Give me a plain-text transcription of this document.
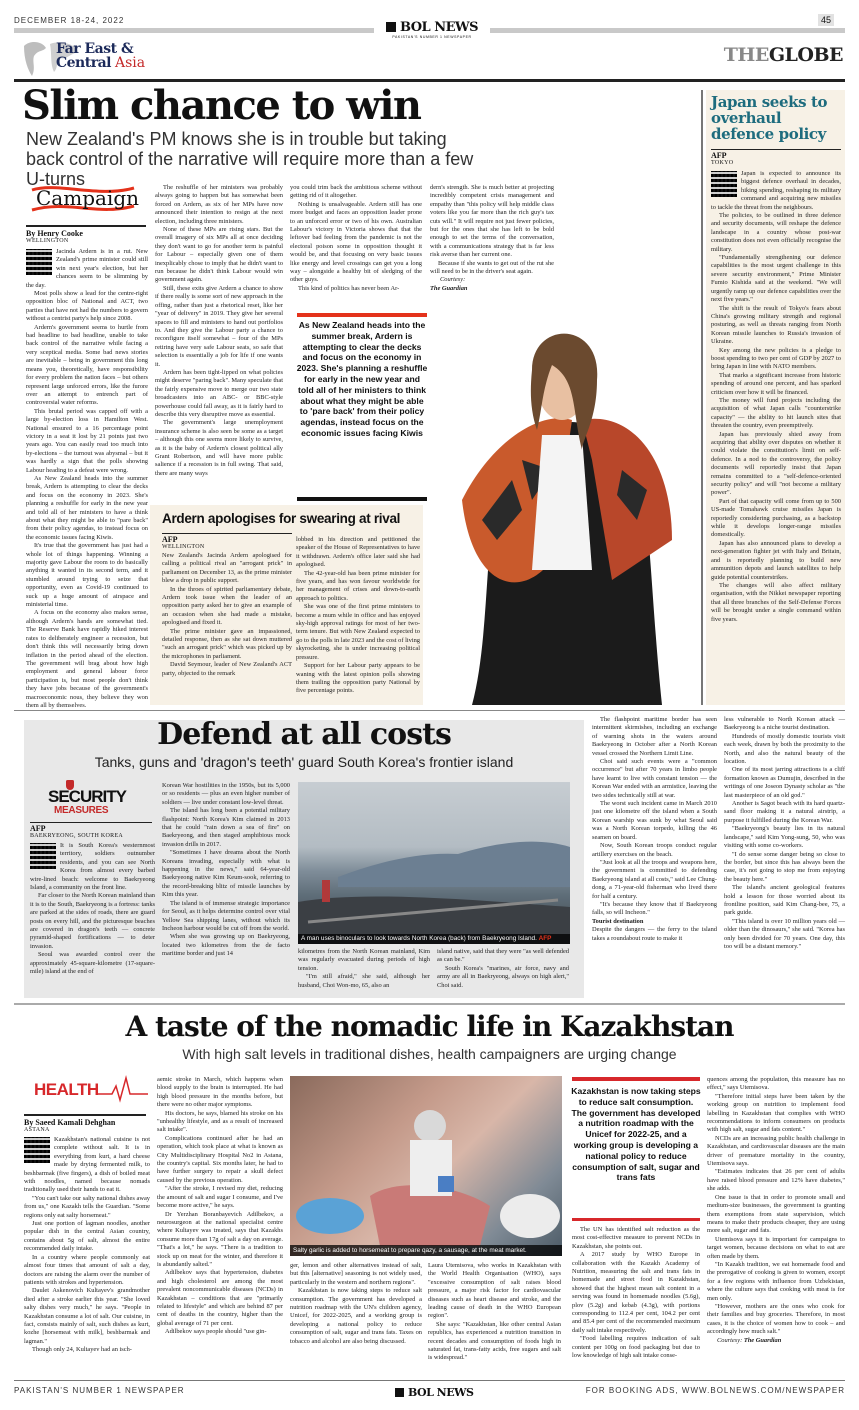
DECEMBER 18-24, 2022	BOL NEWS
PAKISTAN'S NUMBER 1 NEWSPAPER
45
Far East &
Central Asia	THEGLOBE
Slim chance to win
New Zealand's PM knows she is in trouble but taking back control of the narrative will require more than a few U-turns
Campaign
By Henry Cooke
WELLINGTON

Jacinda Ardern is in a rut. New Zealand's prime minister could still win next year's election, but her chances seem to be slimming by the day.

Most polls show a lead for the centre-right opposition bloc of National and ACT, two parties that have not had the numbers to govern without a centrist party's help since 2008.

Ardern's government seems to hurtle from bad headline to bad headline, unable to take back control of the narrative while facing a very sceptical media. Some bad news stories are inevitable – being in government this long means you, theoretically, have responsibility for every problem the nation faces – but others represent large unforced errors, like the furore over an attempt to entrench part of controversial water reforms.

This brutal period was capped off with a large by-election loss in Hamilton West. National ensured to a 16 percentage point victory in a seat it lost by 21 points just two years ago. You can easily read too much into by-elections – the turnout was abysmal – but it was hardly a sign that the polls showing Labour heading to a defeat were wrong.

As New Zealand heads into the summer break, Ardern is attempting to clear the decks and focus on the economy in 2023. She's planning a reshuffle for early in the new year and told all of her ministers to have a think about what they might be able to "pare back" from their policy agendas, to instead focus on the economic issues facing Kiwis.

It's true that the government has just had a whole lot of things happening. Winning a majority gave Labour the room to do basically anything it wanted in its second term, and it stumbled around trying to seize that opportunity, even as Covid-19 continued to suck up a huge amount of airspace and ministerial time.

A focus on the economy also makes sense, although Ardern's hands are somewhat tied. The Reserve Bank have rapidly hiked interest rates to deliberately engineer a recession, but don't think this will necessarily bring down inflation in the period ahead of the election. The government will brag about how high employment and general labour force participation is, but most people don't think they have jobs because of the government's macroeconomic nous, they believe they won them all by themselves.

The reshuffle of her ministers was probably always going to happen but has somewhat been forced on Ardern, as six of her MPs have now announced their intention to resign at the next election, including three ministers.

None of these MPs are rising stars. But the overall imagery of six MPs all at once deciding they don't want to go for another term is painful for Labour – especially given one of them inexplicably chose to imply that he didn't want to run because he didn't think Labour would win government again.

Still, these exits give Ardern a chance to show if there really is some sort of new approach in the offing, rather than just a rhetorical reset, like her "year of delivery" in 2019. They give her several spaces to fill and ministers to hand out portfolios to. And they give the Labour party a chance to reconfigure itself somewhat – four of the MPs retiring have very safe Labour seats, so safe that selection is essentially a job for life if one wants it.

Ardern has been tight-lipped on what policies might deserve "paring back". Many speculate that the fairly expensive move to merge our two state broadcasters into an ABC- or BBC-style powerhouse could fall away, as it is fairly hard to describe this very disruptive move as essential.

The government's large unemployment insurance scheme is also seen be some as a target – although this one seems more likely to survive, as it is the baby of Ardern's closest political ally Grant Robertson, and will have more public salience if a recession is in full swing. That said, there are many ways

you could trim back the ambitious scheme without getting rid of it altogether.

Nothing is unsalvageable. Ardern still has one more budget and faces an opposition leader prone to an unforced error or two of his own. Australian Labour's victory in Victoria shows that that the leftover bad feeling from the pandemic is not the electoral poison some in opposition thought it would be, and that focusing on very basic issues like energy and level crossings can get you a long way – alongside a healthy bit of sledging of the other guys.

This kind of politics has never been Ar-

dern's strength. She is much better at projecting incredibly competent crisis management and empathy than "this policy will help middle class voters like you far more than the rich guy's tax cuts will." It will require not just fewer policies, but for the ones that she has left to be bold enough to set the terms of the conversation, with a communications strategy that is far less risk averse than her current one.

Because if she wants to get out of the rut she will need to be in the driver's seat again.

Courtesy:
The Guardian

As New Zealand heads into the summer break, Ardern is attempting to clear the decks and focus on the economy in 2023. She's planning a reshuffle for early in the new year and told all of her ministers to think about what they might be able to 'pare back' from their policy agendas, instead focus on the economic issues facing Kiwis
Ardern apologises for swearing at rival
AFP
WELLINGTON

New Zealand's Jacinda Ardern apologised for calling a political rival an "arrogant prick" in parliament on December 13, as the prime minister blew a drop in public support.

In the throes of spirited parliamentary debate, Ardern took issue when the leader of an opposition party asked her to give an example of an occasion when she had made a mistake, apologised and fixed it.

The prime minister gave an impassioned, detailed response, then as she sat down muttered "such an arrogant prick" which was picked up by the microphones in parliament.

David Seymour, leader of New Zealand's ACT party, objected to the remark

lobbed in his direction and petitioned the speaker of the House of Representatives to have it withdrawn. Ardern's office later said she had apologised.

The 42-year-old has been prime minister for five years, and has won favour worldwide for her management of crises and down-to-earth approach to politics.

She was one of the first prime ministers to become a mum while in office and has enjoyed sky-high approval ratings for most of her two-term tenure. But with New Zealand expected to go to the polls in late 2023 and the cost of living skyrocketing, she is under increasing political pressure.

Support for her Labour party appears to be waning with the latest opinion polls showing them trailing the opposition party National by five percentage points.

Japan seeks to overhaul defence policy
AFP
TOKYO

Japan is expected to announce its biggest defence overhaul in decades, hiking spending, reshaping its military command and acquiring new missiles to tackle the threat from the neighbours.

The policies, to be outlined in three defence and security documents, will reshape the defence landscape in a country whose post-war constitution does not even officially recognise the military.

"Fundamentally strengthening our defence capabilities is the most urgent challenge in this severe security environment," Prime Minister Fumio Kishida said at the weekend. "We will urgently ramp up our defence capabilities over the next five years."

The shift is the result of Tokyo's fears about China's growing military strength and regional posturing, as well as threats ranging from North Korean missile launches to Russia's invasion of Ukraine.

Key among the new policies is a pledge to boost spending to two per cent of GDP by 2027 to bring Japan in line with NATO members.

That marks a significant increase from historic spending of around one percent, and has sparked criticism over how it will be financed.

The money will fund projects including the acquisition of what Japan calls "counterstrike capacity" — the ability to hit launch sites that threaten the country, even preemptively.

Japan has previously shied away from acquiring that ability over disputes on whether it could violate the constitution's limit on self-defence. In a nod to the controversy, the policy documents will reportedly insist that Japan remains committed to a "self-defence-oriented security policy" and will "not become a military power".

Part of that capacity will come from up to 500 US-made Tomahawk cruise missiles Japan is reportedly considering purchasing, as a backstop while it develops longer-range missiles domestically.

Japan has also announced plans to develop a next-generation fighter jet with Italy and Britain, and is reportedly planning to build new ammunition depots and launch satellites to help guide potential counterstrikes.

The changes will also affect military organisation, with the Nikkei newspaper reporting that all three branches of the Self-Defense Forces will be brought under a single command within five years.

Defend at all costs
Tanks, guns and 'dragon's teeth' guard South Korea's frontier island
SECURITY
MEASURES
AFP
BAEKRYEONG, SOUTH KOREA

It is South Korea's westernmost territory, soldiers outnumber residents, and you can see North Korea from almost every barbed wire-lined beach: welcome to Baekryeong Island, a community on the front line.

Far closer to the North Korean mainland than it is to the South, Baekryeong is a fortress: tanks are parked at the sides of roads, there are guard posts on every hill, and the picturesque beaches are covered in dragon's teeth — concrete pyramid-shaped fortifications — to deter invasion.

Seoul was awarded control over the approximately 45-square-kilometre (17-square-mile) island at the end of

Korean War hostilities in the 1950s, but its 5,000 or so residents — plus an even higher number of soldiers — live under constant low-level threat.

The island has long been a potential military flashpoint: North Korea's Kim claimed in 2013 that he could "rain down a sea of fire" on Baekryeong, and then staged amphibious mock invasion drills in 2017.

"Sometimes I have dreams about the North Koreans invading, especially with what is happening in the news," said 64-year-old Baekryeong native Kim Keum-sook, referring to the record-breaking blitz of missile launches by Kim this year.

The island is of immense strategic importance for Seoul, as it helps determine control over vital Yellow Sea shipping lanes, without which its Incheon harbour would be cut off from the world.

When she was growing up on Baekryeong, located two kilometres from the de facto maritime border and just 14

A man uses binoculars to look towards North Korea (back) from Baekryeong Island. AFP

kilometres from the North Korean mainland, Kim was regularly evacuated during periods of high tension.

"I'm still afraid," she said, although her husband, Choi Won-mo, 65, also an

island native, said that they were "as well defended as can be."

South Korea's "marines, air force, navy and army are all in Baekryeong, always on high alert," Choi said.

The flashpoint maritime border has seen intermittent skirmishes, including an exchange of warning shots in the waters around Baekryeong in October after a North Korean vessel crossed the Northern Limit Line.

Choi said such events were a "common occurrence" but after 70 years in limbo people have learnt to live with constant tension — the Korean War ended with an armistice, leaving the two sides technically still at war.

The worst such incident came in March 2010 just one kilometre off the island when a South Korean warship was sunk by what Seoul said was a North Korean torpedo, killing the 46 seamen on board.

Now, South Korean troops conduct regular artillery exercises on the beach.

"Just look at all the troops and weapons here, the government is committed to defending Baekryeong island at all costs," said Lee Chung-dong, a 71-year-old fisherman who lived there for half a century.

"It's because they know that if Baekryeong falls, so will Incheon."

Tourist destination

Despite the dangers — the ferry to the island takes a roundabout route to make it

less vulnerable to North Korean attack — Baekryeong is a niche tourist destination.

Hundreds of mostly domestic tourists visit each week, drawn by both the proximity to the North, and also the natural beauty of the location.

One of its most jarring attractions is a cliff formation known as Dumujin, described in the writings of one Joseon Dynasty scholar as "the last masterpiece of an old god."

Another is Sagot beach with its hard quartz-sand floor making it a natural airstrip, a purpose it fulfilled during the Korean War.

"Baekryeong's beauty lies in its natural landscape," said Kim Yong-sung, 50, who was visiting with some co-workers.

"I do sense some danger being so close to the border, but since this has always been the case, it's not going to stop me from enjoying the beauty here."

The island's ancient geological features hold a lesson for those worried about its frontline position, said Kim Chang-bee, 75, a park guide.

"This island is over 10 million years old — older than the dinosaurs," she said. "Korea has only been divided for 70 years. One day, this too will be a distant memory."

A taste of the nomadic life in Kazakhstan
With high salt levels in traditional dishes, health campaigners are urging change
HEALTH
By Saeed Kamali Dehghan
ASTANA

Kazakhstan's national cuisine is not complete without salt. It is in everything from kurt, a hard cheese made by drying fermented milk, to beshbarmak (five fingers), a dish of boiled meat with noodles, named because nomads traditionally used their hands to eat it.

"You can't take our salty national dishes away from us," one Kazakh tells the Guardian. "Some regions only eat salty horsemeat."

Just one portion of lagman noodles, another popular dish in the central Asian country, contains about 5g of salt, almost the entire recommended daily intake.

In a country where people commonly eat almost four times that amount of salt a day, doctors are raising the alarm over the number of patients with strokes and hypertension.

Daulet Askenovich Kultayev's grandmother died after a stroke earlier this year. "She loved salty dishes very much," he says. "People in Kazakhstan consume a lot of salt. Our cuisine, in fact, consists mainly of salt, such dishes as kurt, kozhe [horsemeat with milk], beshbarmak and lagman."

Though only 24, Kultayev had an isch-

aemic stroke in March, which happens when blood supply to the brain is interrupted. He had high blood pressure in the months before, but there were no other major symptoms.

His doctors, he says, blamed his stroke on his "unhealthy lifestyle, and as a result of increased salt intake".

Complications continued after he had an operation, which took place at what is known as City Multidisciplinary Hospital No2 in Astana, the country's capital. Six months later, he had to have further surgery to repair a skull defect caused by the previous operation.

"After the stroke, I revised my diet, reducing the amount of salt and sugar I consume, and I've become more active," he says.

Dr Yerzhan Boranbayevich Adilbekov, a neurosurgeon at the national specialist centre where Kultayev was treated, says that Kazakhs consume more than 17g of salt a day on average. "That's a lot," he says. "There is a tradition to stock up on meat for the winter, and therefore it is abundantly salted."

Adilbekov says that hypertension, diabetes and high cholesterol are among the most prevalent noncommunicable diseases (NCDs) in Kazakhstan – conditions that are "primarily related to lifestyle" and which are behind 87 per cent of deaths in the country, higher than the global average of 71 per cent.

Adilbekov says people should "use gin-

Salty garlic is added to horsemeat to prepare qazy, a sausage, at the meat market.

ger, lemon and other alternatives instead of salt, but this [alternative] seasoning is not widely used, particularly in the western and northern regions".

Kazakhstan is now taking steps to reduce salt consumption. The government has developed a nutrition roadmap with the UN's children agency, Unicef, for 2022-2025, and a working group is developing a national policy to reduce consumption of salt, sugar and trans fats. Taxes on tobacco and alcohol are also being discussed.

Laura Utemisova, who works in Kazakhstan with the World Health Organisation (WHO), says "excessive consumption of salt raises blood pressure, a major risk factor for cardiovascular diseases such as heart disease and stroke, and the leading cause of death in the WHO European region".

She says: "Kazakhstan, like other central Asian republics, has experienced a nutrition transition in recent decades and consumption of foods high in saturated fat, trans-fatty acids, free sugars and salt is widespread."

Kazakhstan is now taking steps to reduce salt consumption. The government has developed a nutrition roadmap with the Unicef for 2022-25, and a working group is developing a national policy to reduce consumption of salt, sugar and trans fats

The UN has identified salt reduction as the most cost-effective measure to prevent NCDs in Kazakhstan, she points out.

A 2017 study by WHO Europe in collaboration with the Kazakh Academy of Nutrition, measuring the salt and trans fats in homemade and street food in Kazakhstan, showed that the highest mean salt content in a serving was found in homemade noodles (5.6g), plov (5.2g) and kebab (4.3g), with portions corresponding to 112.4 per cent, 104.2 per cent and 85.4 per cent of the recommended maximum daily salt intake respectively.

"Food labelling requires indication of salt content per 100g on food packaging but due to low knowledge of high salt intake conse-

quences among the population, this measure has no effect," says Utemisova.

"Therefore initial steps have been taken by the working group on nutrition to implement food labelling in Kazakhstan that complies with WHO recommendations to inform consumers on products with high salt, sugar and fats content."

NCDs are an increasing public health challenge in Kazakhstan, and cardiovascular diseases are the main driver of premature mortality in the country, Utemisova says.

"Estimates indicates that 26 per cent of adults have raised blood pressure and 12% have diabetes," she adds.

One issue is that in order to promote small and medium-size businesses, the government is granting them exemptions from state supervision, which means to make their products cheaper, they are using more salt, sugar and fats.

Utemisova says it is important for campaigns to target women, because decisions on what to eat are often made by them.

"In Kazakh tradition, we eat homemade food and the prerogative of cooking is given to women, except for a few regions with influence from Uzbekistan, where the culture says that cooking with meat is for men only.

"However, mothers are the ones who cook for their families and buy groceries. Therefore, in most cases, it is the choice of women how to cook – and accordingly how much salt."

Courtesy: The Guardian

PAKISTAN'S NUMBER 1 NEWSPAPER	BOL NEWS	FOR BOOKING ADS, WWW.BOLNEWS.COM/NEWSPAPER
